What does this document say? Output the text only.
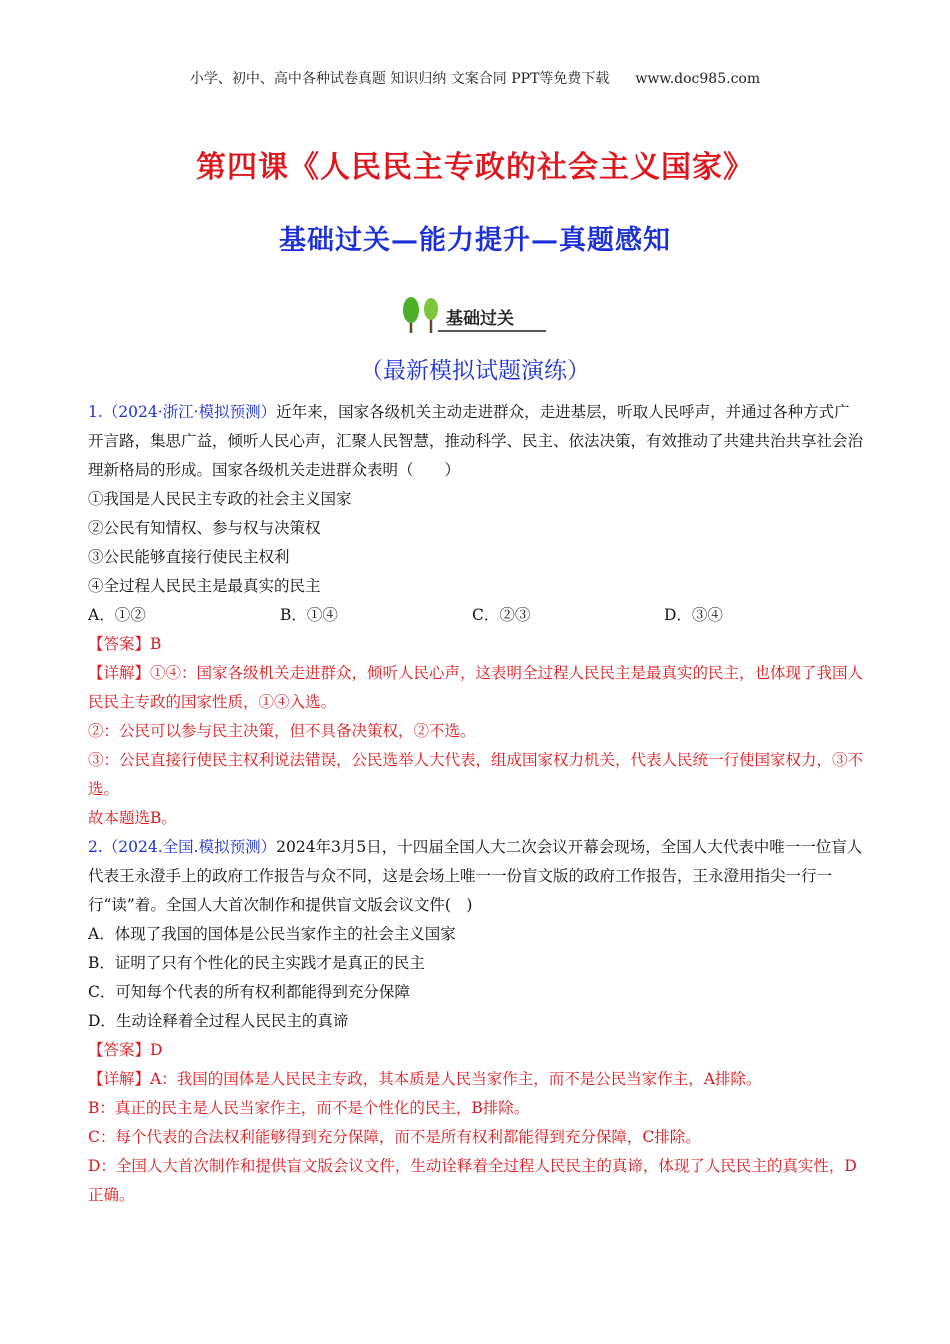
小学、初中、高中各种试卷真题 知识归纳 文案合同 PPT等免费下载 www.doc985.com
第四课《人民民主专政的社会主义国家》
基础过关—能力提升—真题感知
基础过关
（最新模拟试题演练）

1.（2024·浙江·模拟预测）近年来，国家各级机关主动走进群众，走进基层，听取人民呼声，并通过各种方式广开言路，集思广益，倾听人民心声，汇聚人民智慧，推动科学、民主、依法决策，有效推动了共建共治共享社会治理新格局的形成。国家各级机关走进群众表明（　　）

①我国是人民民主专政的社会主义国家

②公民有知情权、参与权与决策权

③公民能够直接行使民主权利

④全过程人民民主是最真实的民主

A．①②	B．①④	C．②③	D．③④

【答案】B

【详解】①④：国家各级机关走进群众，倾听人民心声，这表明全过程人民民主是最真实的民主，也体现了我国人民民主专政的国家性质，①④入选。

②：公民可以参与民主决策，但不具备决策权，②不选。

③：公民直接行使民主权利说法错误，公民选举人大代表，组成国家权力机关，代表人民统一行使国家权力，③不选。

故本题选B。

2.（2024.全国.模拟预测）2024年3月5日，十四届全国人大二次会议开幕会现场，全国人大代表中唯一一位盲人代表王永澄手上的政府工作报告与众不同，这是会场上唯一一份盲文版的政府工作报告，王永澄用指尖一行一行“读”着。全国人大首次制作和提供盲文版会议文件(　)

A．体现了我国的国体是公民当家作主的社会主义国家

B．证明了只有个性化的民主实践才是真正的民主

C．可知每个代表的所有权利都能得到充分保障

D．生动诠释着全过程人民民主的真谛

【答案】D

【详解】A：我国的国体是人民民主专政，其本质是人民当家作主，而不是公民当家作主，A排除。

B：真正的民主是人民当家作主，而不是个性化的民主，B排除。

C：每个代表的合法权利能够得到充分保障，而不是所有权利都能得到充分保障，C排除。

D：全国人大首次制作和提供盲文版会议文件，生动诠释着全过程人民民主的真谛，体现了人民民主的真实性，D正确。
